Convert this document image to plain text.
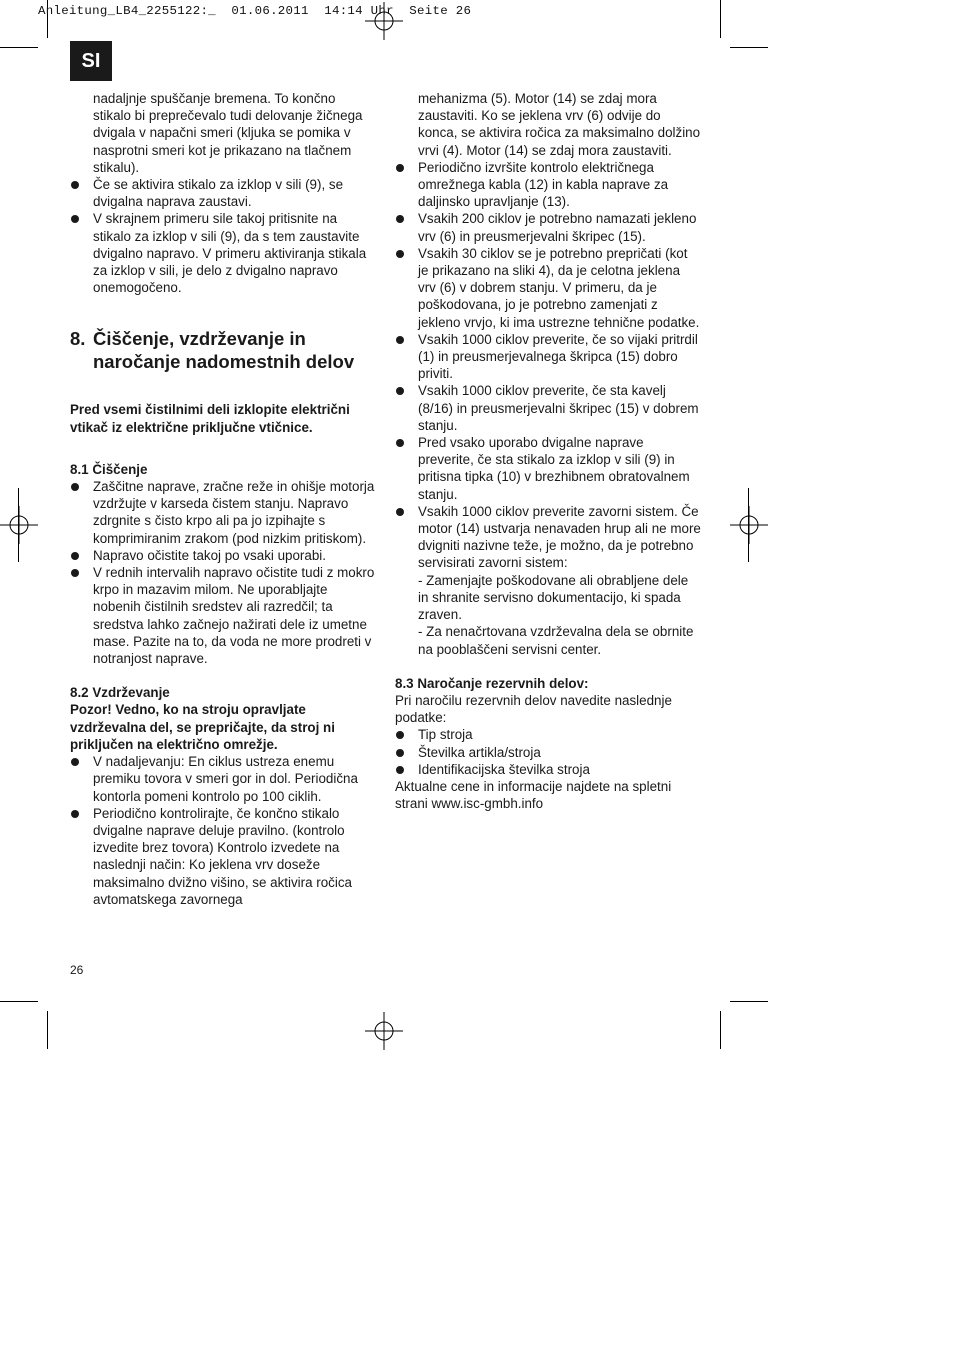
Anleitung_LB4_2255122:_  01.06.2011  14:14 Uhr  Seite 26
SI

nadaljnje spuščanje bremena. To končno stikalo bi preprečevalo tudi delovanje žičnega dvigala v napačni smeri (kljuka se pomika v nasprotni smeri kot je prikazano na tlačnem stikalu).

Če se aktivira stikalo za izklop v sili (9), se dvigalna naprava zaustavi.

V skrajnem primeru sile takoj pritisnite na stikalo za izklop v sili (9), da s tem zaustavite dvigalno napravo. V primeru aktiviranja stikala za izklop v sili, je delo z dvigalno napravo onemogočeno.

8. Čiščenje, vzdrževanje in naročanje nadomestnih delov

Pred vsemi čistilnimi deli izklopite električni vtikač iz električne priključne vtičnice.

8.1 Čiščenje

Zaščitne naprave, zračne reže in ohišje motorja vzdržujte v karseda čistem stanju. Napravo zdrgnite s čisto krpo ali pa jo izpihajte s komprimiranim zrakom (pod nizkim pritiskom).

Napravo očistite takoj po vsaki uporabi.

V rednih intervalih napravo očistite tudi z mokro krpo in mazavim milom. Ne uporabljajte nobenih čistilnih sredstev ali razredčil; ta sredstva lahko začnejo nažirati dele iz umetne mase. Pazite na to, da voda ne more prodreti v notranjost naprave.

8.2 Vzdrževanje

Pozor! Vedno, ko na stroju opravljate vzdrževalna del, se prepričajte, da stroj ni priključen na električno omrežje.

V nadaljevanju: En ciklus ustreza enemu premiku tovora v smeri gor in dol. Periodična kontorla pomeni kontrolo po 100 ciklih.

Periodično kontrolirajte, če končno stikalo dvigalne naprave deluje pravilno. (kontrolo izvedite brez tovora) Kontrolo izvedete na naslednji način: Ko jeklena vrv doseže maksimalno dvižno višino, se aktivira ročica avtomatskega zavornega

mehanizma (5). Motor (14) se zdaj mora zaustaviti. Ko se jeklena vrv (6) odvije do konca, se aktivira ročica za maksimalno dolžino vrvi (4). Motor (14) se zdaj mora zaustaviti.

Periodično izvršite kontrolo električnega omrežnega kabla (12) in kabla naprave za daljinsko upravljanje (13).

Vsakih 200 ciklov je potrebno namazati jekleno vrv (6) in preusmerjevalni škripec (15).

Vsakih 30 ciklov se je potrebno prepričati (kot je prikazano na sliki 4), da je celotna jeklena vrv (6) v dobrem stanju. V primeru, da je poškodovana, jo je potrebno zamenjati z jekleno vrvjo, ki ima ustrezne tehnične podatke.

Vsakih 1000 ciklov preverite, če so vijaki pritrdil (1) in preusmerjevalnega škripca (15) dobro priviti.

Vsakih 1000 ciklov preverite, če sta kavelj (8/16) in preusmerjevalni škripec (15) v dobrem stanju.

Pred vsako uporabo dvigalne naprave preverite, če sta stikalo za izklop v sili (9) in pritisna tipka (10) v brezhibnem obratovalnem stanju.

Vsakih 1000 ciklov preverite zavorni sistem. Če motor (14) ustvarja nenavaden hrup ali ne more dvigniti nazivne teže, je možno, da je potrebno servisirati zavorni sistem:

- Zamenjajte poškodovane ali obrabljene dele in shranite servisno dokumentacijo, ki spada zraven.

- Za nenačrtovana vzdrževalna dela se obrnite na pooblaščeni servisni center.

8.3 Naročanje rezervnih delov:

Pri naročilu rezervnih delov navedite naslednje podatke:

Tip stroja

Številka artikla/stroja

Identifikacijska številka stroja

Aktualne cene in informacije najdete na spletni strani www.isc-gmbh.info

26
